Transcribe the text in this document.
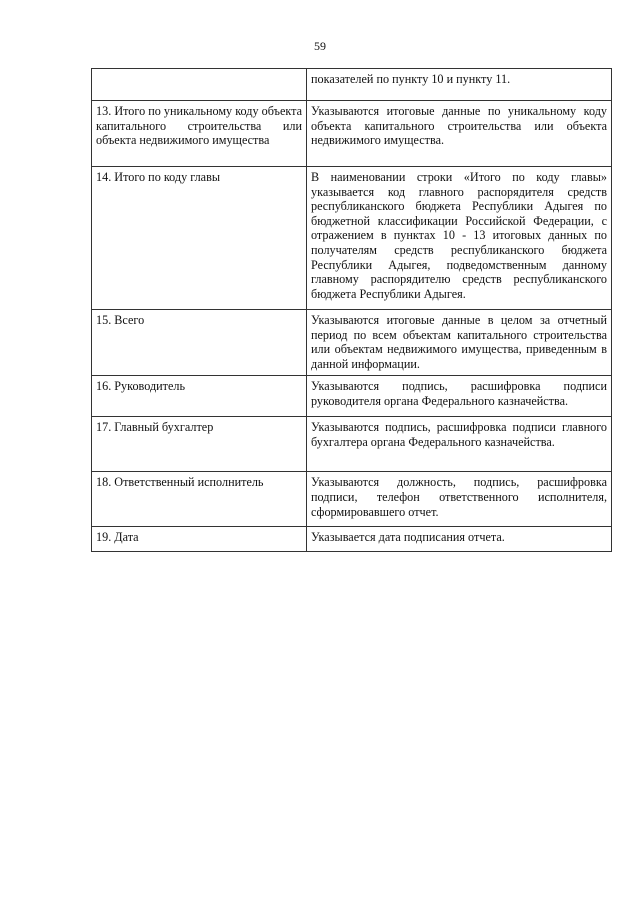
59
	показателей по пункту 10 и пункту 11.
13. Итого по уникальному коду объекта капитального строительства или объекта недвижимого имущества	Указываются итоговые данные по уникальному коду объекта капитального строительства или объекта недвижимого имущества.
14. Итого по коду главы	В наименовании строки «Итого по коду главы» указывается код главного распорядителя средств республиканского бюджета Республики Адыгея по бюджетной классификации Российской Федерации, с отражением в пунктах 10 - 13 итоговых данных по получателям средств республиканского бюджета Республики Адыгея, подведомственным данному главному распорядителю средств республиканского бюджета Республики Адыгея.
15. Всего	Указываются итоговые данные в целом за отчетный период по всем объектам капитального строительства или объектам недвижимого имущества, приведенным в данной информации.
16. Руководитель	Указываются подпись, расшифровка подписи руководителя органа Федерального казначейства.
17. Главный бухгалтер	Указываются подпись, расшифровка подписи главного бухгалтера органа Федерального казначейства.
18. Ответственный исполнитель	Указываются должность, подпись, расшифровка подписи, телефон ответственного исполнителя, сформировавшего отчет.
19. Дата	Указывается дата подписания отчета.
